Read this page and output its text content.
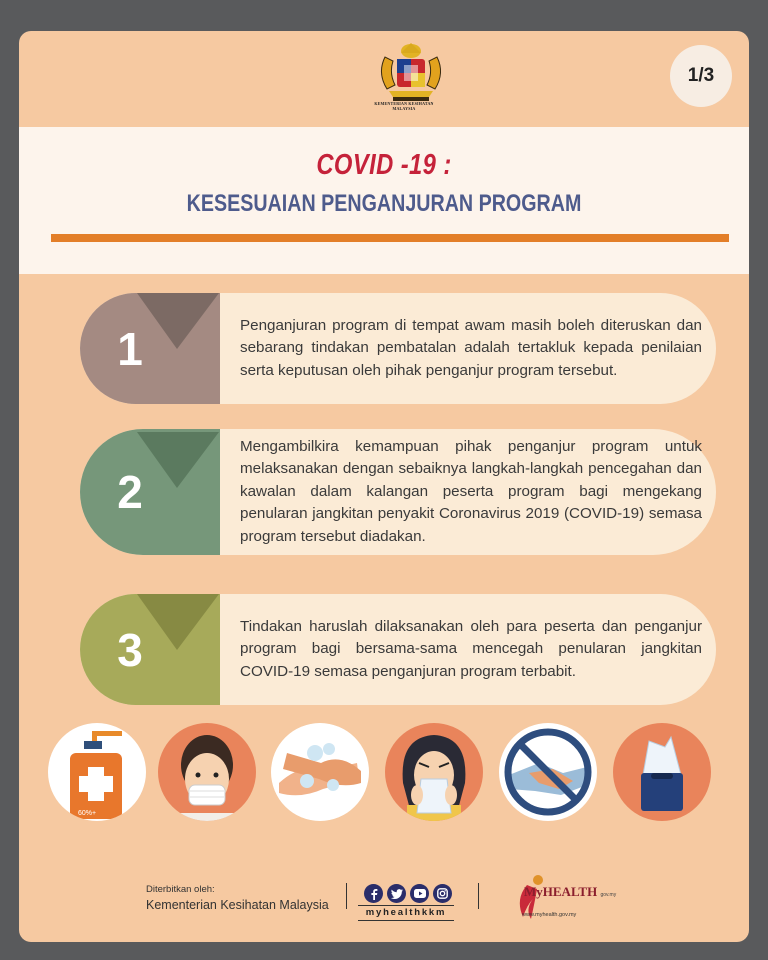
KEMENTERIAN KESIHATAN
MALAYSIA
1/3
COVID -19 :
KESESUAIAN PENGANJURAN PROGRAM
1	Penganjuran program di tempat awam masih boleh diteruskan dan sebarang tindakan pembatalan adalah tertakluk kepada penilaian serta keputusan oleh pihak penganjur program tersebut.
2
Mengambilkira kemampuan pihak penganjur program untuk melaksanakan dengan sebaiknya langkah-langkah pencegahan dan kawalan dalam kalangan peserta program bagi mengekang penularan jangkitan penyakit Coronavirus 2019 (COVID-19) semasa program tersebut diadakan.
3	Tindakan haruslah dilaksanakan oleh para peserta dan penganjur program bagi bersama-sama mencegah penularan jangkitan COVID-19 semasa penganjuran program terbabit.
60%+
Diterbitkan oleh:
Kementerian Kesihatan Malaysia
myhealthkkm
MyHEALTH gov.my
www.myhealth.gov.my
